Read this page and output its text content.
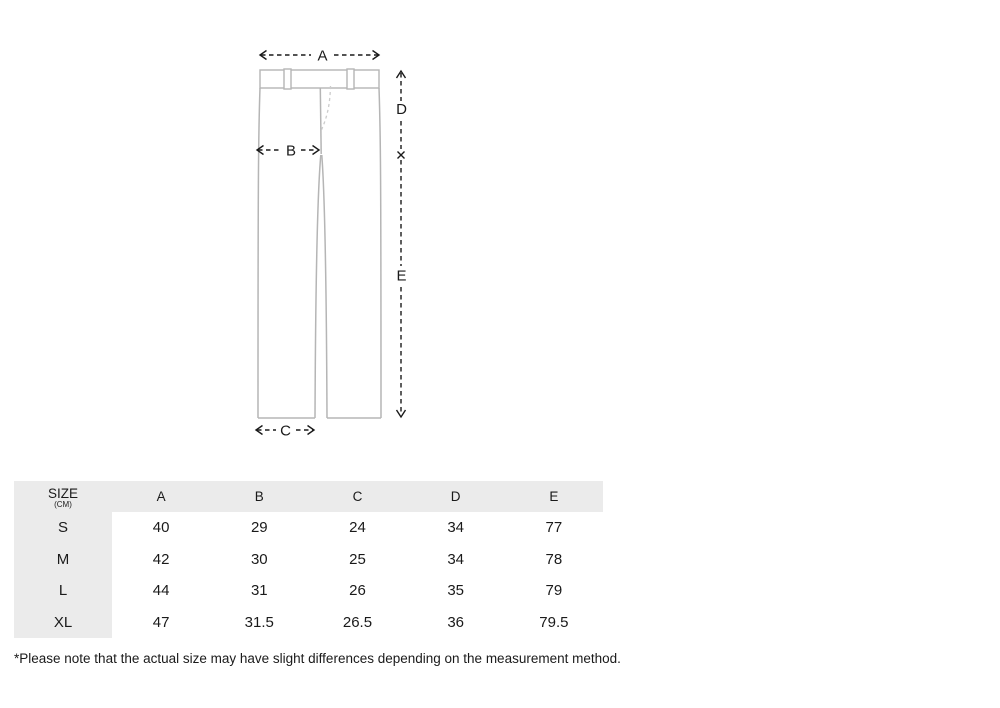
A
B
C
D
E
SIZE
(CM)	A	B	C	D	E
S	40	29	24	34	77
M	42	30	25	34	78
L	44	31	26	35	79
XL	47	31.5	26.5	36	79.5
*Please note that the actual size may have slight differences depending on the measurement method.
